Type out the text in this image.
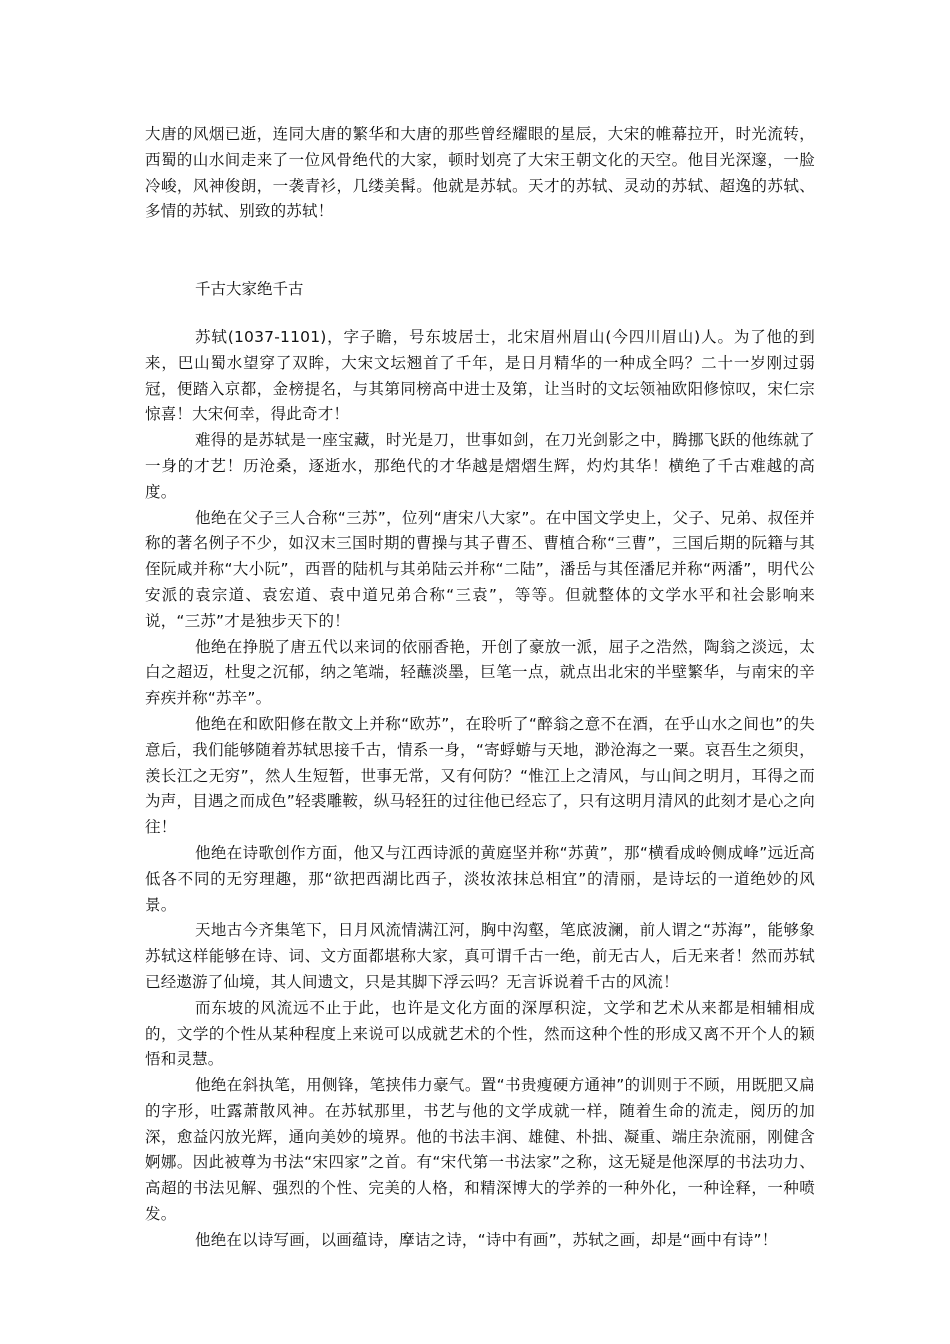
大唐的风烟已逝，连同大唐的繁华和大唐的那些曾经耀眼的星辰，大宋的帷幕拉开，时光流转，西蜀的山水间走来了一位风骨绝代的大家，顿时划亮了大宋王朝文化的天空。他目光深邃，一脸冷峻，风神俊朗，一袭青衫，几缕美髯。他就是苏轼。天才的苏轼、灵动的苏轼、超逸的苏轼、多情的苏轼、别致的苏轼！

千古大家绝千古

苏轼(1037-1101)，字子瞻，号东坡居士，北宋眉州眉山(今四川眉山)人。为了他的到来，巴山蜀水望穿了双眸，大宋文坛翘首了千年，是日月精华的一种成全吗？二十一岁刚过弱冠，便踏入京都，金榜提名，与其第同榜高中进士及第，让当时的文坛领袖欧阳修惊叹，宋仁宗惊喜！大宋何幸，得此奇才！

难得的是苏轼是一座宝藏，时光是刀，世事如剑，在刀光剑影之中，腾挪飞跃的他练就了一身的才艺！历沧桑，逐逝水，那绝代的才华越是熠熠生辉，灼灼其华！横绝了千古难越的高度。

他绝在父子三人合称“三苏”，位列“唐宋八大家”。在中国文学史上，父子、兄弟、叔侄并称的著名例子不少，如汉末三国时期的曹操与其子曹丕、曹植合称“三曹”，三国后期的阮籍与其侄阮咸并称“大小阮”，西晋的陆机与其弟陆云并称“二陆”，潘岳与其侄潘尼并称“两潘”，明代公安派的袁宗道、袁宏道、袁中道兄弟合称“三袁”，等等。但就整体的文学水平和社会影响来说，“三苏”才是独步天下的！

他绝在挣脱了唐五代以来词的依丽香艳，开创了豪放一派，屈子之浩然，陶翁之淡远，太白之超迈，杜叟之沉郁，纳之笔端，轻蘸淡墨，巨笔一点，就点出北宋的半壁繁华，与南宋的辛弃疾并称“苏辛”。

他绝在和欧阳修在散文上并称“欧苏”，在聆听了“醉翁之意不在酒，在乎山水之间也”的失意后，我们能够随着苏轼思接千古，情系一身，“寄蜉蝣与天地，渺沧海之一粟。哀吾生之须臾，羡长江之无穷”，然人生短暂，世事无常，又有何防？“惟江上之清风，与山间之明月，耳得之而为声，目遇之而成色”轻裘雕鞍，纵马轻狂的过往他已经忘了，只有这明月清风的此刻才是心之向往！

他绝在诗歌创作方面，他又与江西诗派的黄庭坚并称“苏黄”，那“横看成岭侧成峰”远近高低各不同的无穷理趣，那“欲把西湖比西子，淡妆浓抹总相宜”的清丽，是诗坛的一道绝妙的风景。

天地古今齐集笔下，日月风流情满江河，胸中沟壑，笔底波澜，前人谓之“苏海”，能够象苏轼这样能够在诗、词、文方面都堪称大家，真可谓千古一绝，前无古人，后无来者！然而苏轼已经遨游了仙境，其人间遗文，只是其脚下浮云吗？无言诉说着千古的风流！

而东坡的风流远不止于此，也许是文化方面的深厚积淀，文学和艺术从来都是相辅相成的，文学的个性从某种程度上来说可以成就艺术的个性，然而这种个性的形成又离不开个人的颖悟和灵慧。

他绝在斜执笔，用侧锋，笔挟伟力豪气。置“书贵瘦硬方通神”的训则于不顾，用既肥又扁的字形，吐露萧散风神。在苏轼那里，书艺与他的文学成就一样，随着生命的流走，阅历的加深，愈益闪放光辉，通向美妙的境界。他的书法丰润、雄健、朴拙、凝重、端庄杂流丽，刚健含婀娜。因此被尊为书法“宋四家”之首。有“宋代第一书法家”之称，这无疑是他深厚的书法功力、高超的书法见解、强烈的个性、完美的人格，和精深博大的学养的一种外化，一种诠释，一种喷发。

他绝在以诗写画，以画蕴诗，摩诘之诗，“诗中有画”，苏轼之画，却是“画中有诗”！
